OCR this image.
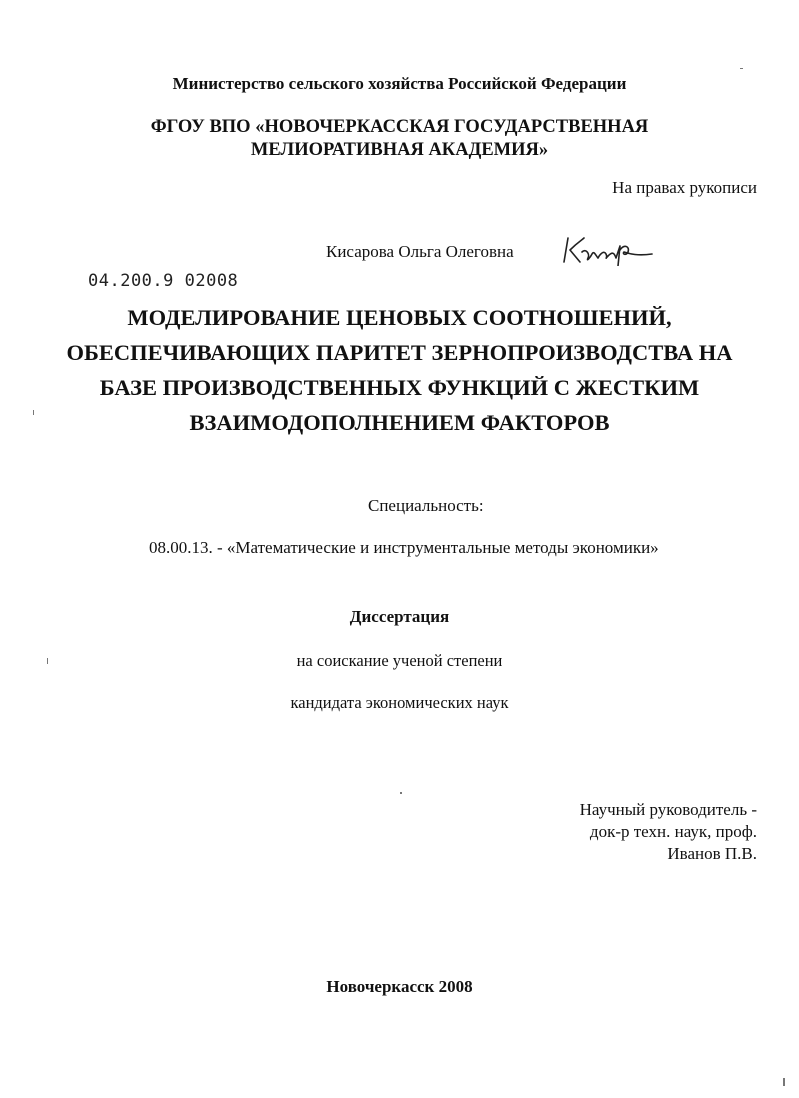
Министерство сельского хозяйства Российской Федерации
ФГОУ ВПО «НОВОЧЕРКАССКАЯ ГОСУДАРСТВЕННАЯ
МЕЛИОРАТИВНАЯ АКАДЕМИЯ»
На правах рукописи
Кисарова Ольга Олеговна
04.200.9 02008
МОДЕЛИРОВАНИЕ ЦЕНОВЫХ СООТНОШЕНИЙ,
ОБЕСПЕЧИВАЮЩИХ ПАРИТЕТ ЗЕРНОПРОИЗВОДСТВА НА
БАЗЕ ПРОИЗВОДСТВЕННЫХ ФУНКЦИЙ С ЖЕСТКИМ
ВЗАИМОДОПОЛНЕНИЕМ ФАКТОРОВ
Специальность:
08.00.13. - «Математические и инструментальные методы экономики»
Диссертация
на соискание ученой степени
кандидата экономических наук
Научный руководитель -
док-р техн. наук, проф.
Иванов П.В.
Новочеркасск 2008
